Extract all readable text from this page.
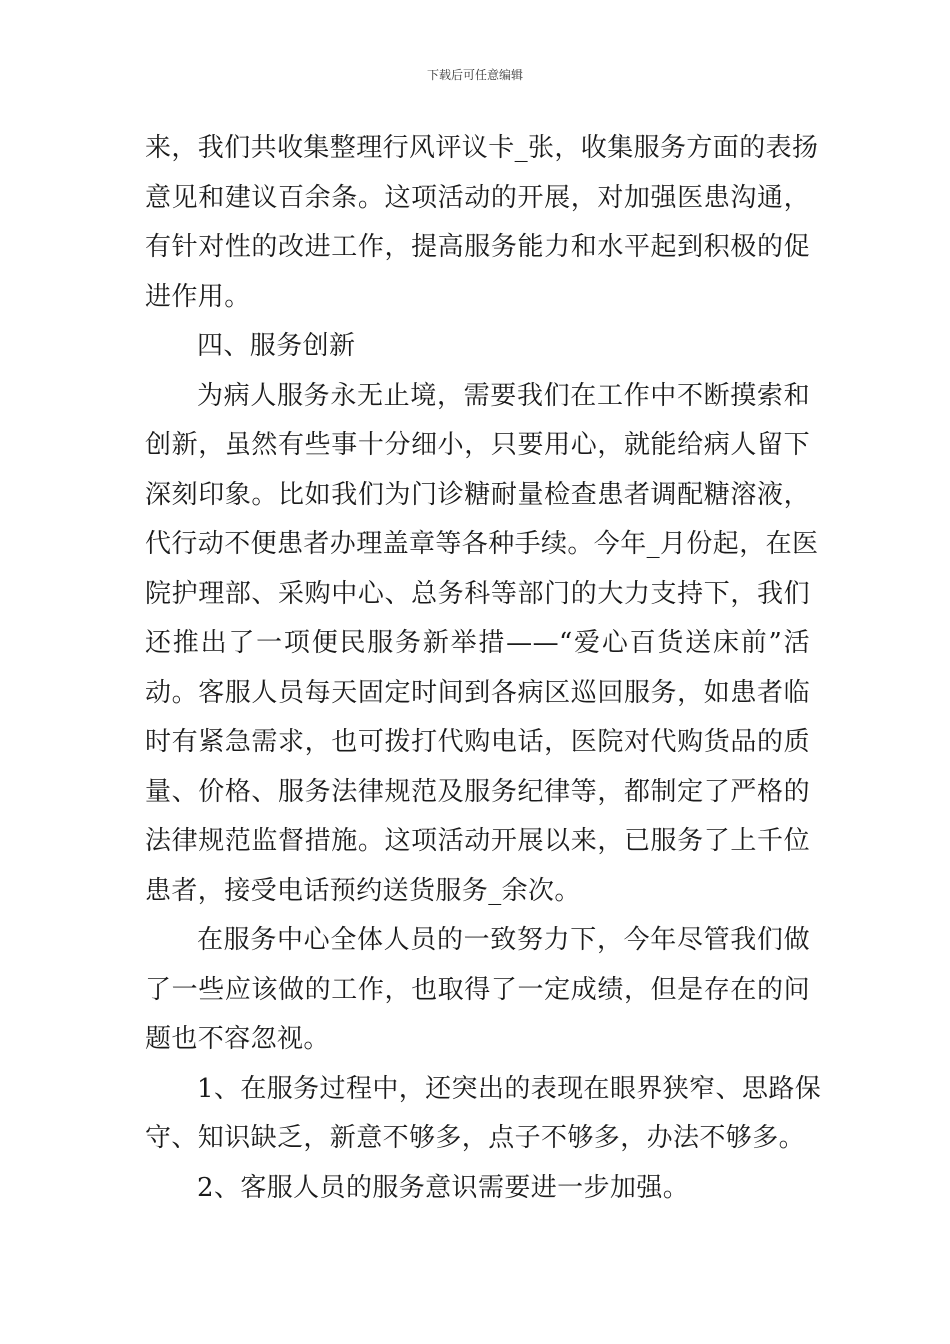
下载后可任意编辑

来，我们共收集整理行风评议卡_张，收集服务方面的表扬
意见和建议百余条。这项活动的开展，对加强医患沟通，
有针对性的改进工作，提高服务能力和水平起到积极的促
进作用。

四、服务创新

为病人服务永无止境，需要我们在工作中不断摸索和
创新，虽然有些事十分细小，只要用心，就能给病人留下
深刻印象。比如我们为门诊糖耐量检查患者调配糖溶液，
代行动不便患者办理盖章等各种手续。今年_月份起，在医
院护理部、采购中心、总务科等部门的大力支持下，我们
还推出了一项便民服务新举措——“爱心百货送床前”活
动。客服人员每天固定时间到各病区巡回服务，如患者临
时有紧急需求，也可拨打代购电话，医院对代购货品的质
量、价格、服务法律规范及服务纪律等，都制定了严格的
法律规范监督措施。这项活动开展以来，已服务了上千位
患者，接受电话预约送货服务_余次。

在服务中心全体人员的一致努力下，今年尽管我们做
了一些应该做的工作，也取得了一定成绩，但是存在的问
题也不容忽视。

1、在服务过程中，还突出的表现在眼界狭窄、思路保
守、知识缺乏，新意不够多，点子不够多，办法不够多。

2、客服人员的服务意识需要进一步加强。
